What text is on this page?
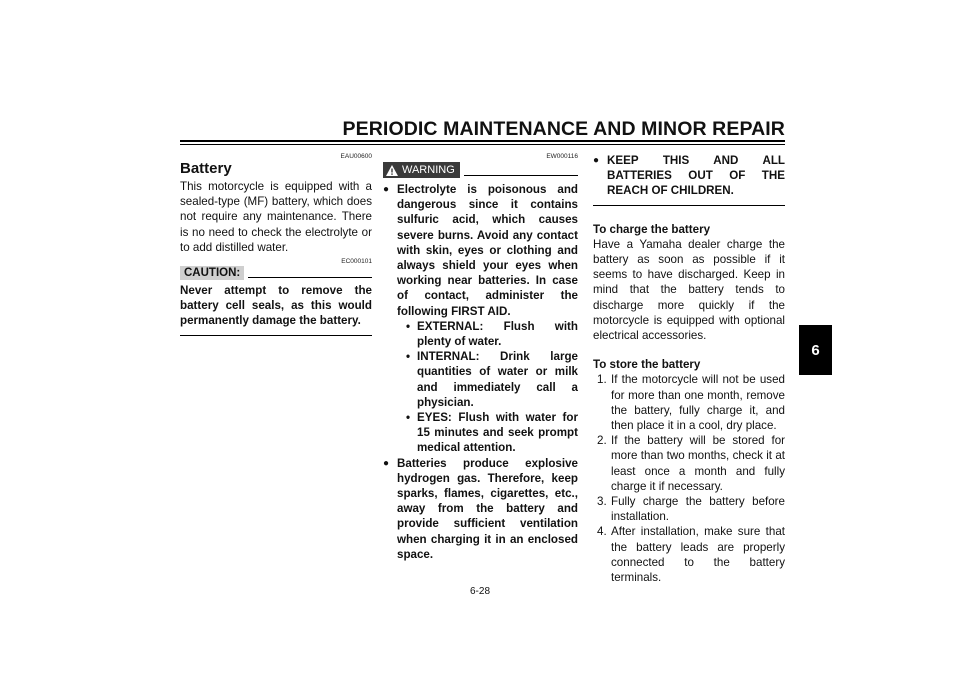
PERIODIC MAINTENANCE AND MINOR REPAIR
6
EAU00600
Battery
This motorcycle is equipped with a sealed-type (MF) battery, which does not require any maintenance. There is no need to check the electrolyte or to add distilled water.
EC000101
CAUTION:
Never attempt to remove the battery cell seals, as this would permanently damage the battery.
EW000116
WARNING
● Electrolyte is poisonous and dangerous since it contains sulfuric acid, which causes severe burns. Avoid any contact with skin, eyes or clothing and always shield your eyes when working near batteries. In case of contact, administer the following FIRST AID.
• EXTERNAL: Flush with plenty of water.
• INTERNAL: Drink large quantities of water or milk and immediately call a physician.
• EYES: Flush with water for 15 minutes and seek prompt medical attention.
● Batteries produce explosive hydrogen gas. Therefore, keep sparks, flames, cigarettes, etc., away from the battery and provide sufficient ventilation when charging it in an enclosed space.
● KEEP THIS AND ALL BATTERIES OUT OF THE REACH OF CHILDREN.
To charge the battery
Have a Yamaha dealer charge the battery as soon as possible if it seems to have discharged. Keep in mind that the battery tends to discharge more quickly if the motorcycle is equipped with optional electrical accessories.
To store the battery
1. If the motorcycle will not be used for more than one month, remove the battery, fully charge it, and then place it in a cool, dry place.
2. If the battery will be stored for more than two months, check it at least once a month and fully charge it if necessary.
3. Fully charge the battery before installation.
4. After installation, make sure that the battery leads are properly connected to the battery terminals.
6-28
